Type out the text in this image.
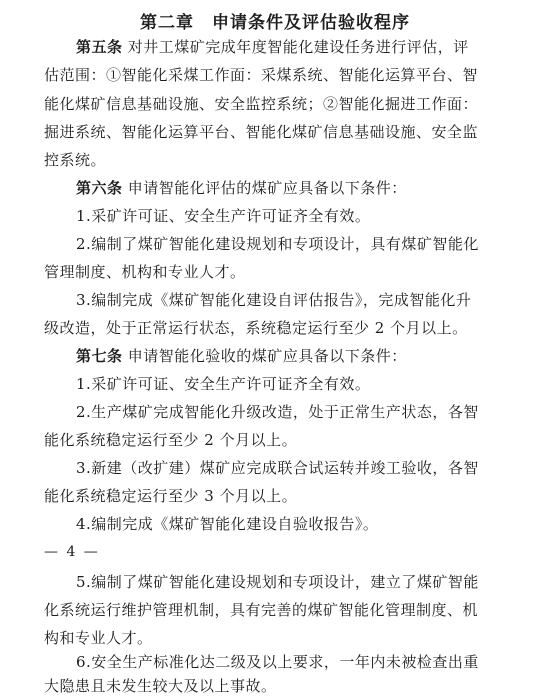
第二章　申请条件及评估验收程序
第五条 对井工煤矿完成年度智能化建设任务进行评估，评
估范围：①智能化采煤工作面：采煤系统、智能化运算平台、智
能化煤矿信息基础设施、安全监控系统；②智能化掘进工作面：
掘进系统、智能化运算平台、智能化煤矿信息基础设施、安全监
控系统。
第六条 申请智能化评估的煤矿应具备以下条件：
1.采矿许可证、安全生产许可证齐全有效。
2.编制了煤矿智能化建设规划和专项设计，具有煤矿智能化
管理制度、机构和专业人才。
3.编制完成《煤矿智能化建设自评估报告》，完成智能化升
级改造，处于正常运行状态，系统稳定运行至少 2 个月以上。
第七条 申请智能化验收的煤矿应具备以下条件：
1.采矿许可证、安全生产许可证齐全有效。
2.生产煤矿完成智能化升级改造，处于正常生产状态，各智
能化系统稳定运行至少 2 个月以上。
3.新建（改扩建）煤矿应完成联合试运转并竣工验收，各智
能化系统稳定运行至少 3 个月以上。
4.编制完成《煤矿智能化建设自验收报告》。
— 4 —
5.编制了煤矿智能化建设规划和专项设计，建立了煤矿智能
化系统运行维护管理机制，具有完善的煤矿智能化管理制度、机
构和专业人才。
6.安全生产标准化达二级及以上要求，一年内未被检查出重
大隐患且未发生较大及以上事故。
